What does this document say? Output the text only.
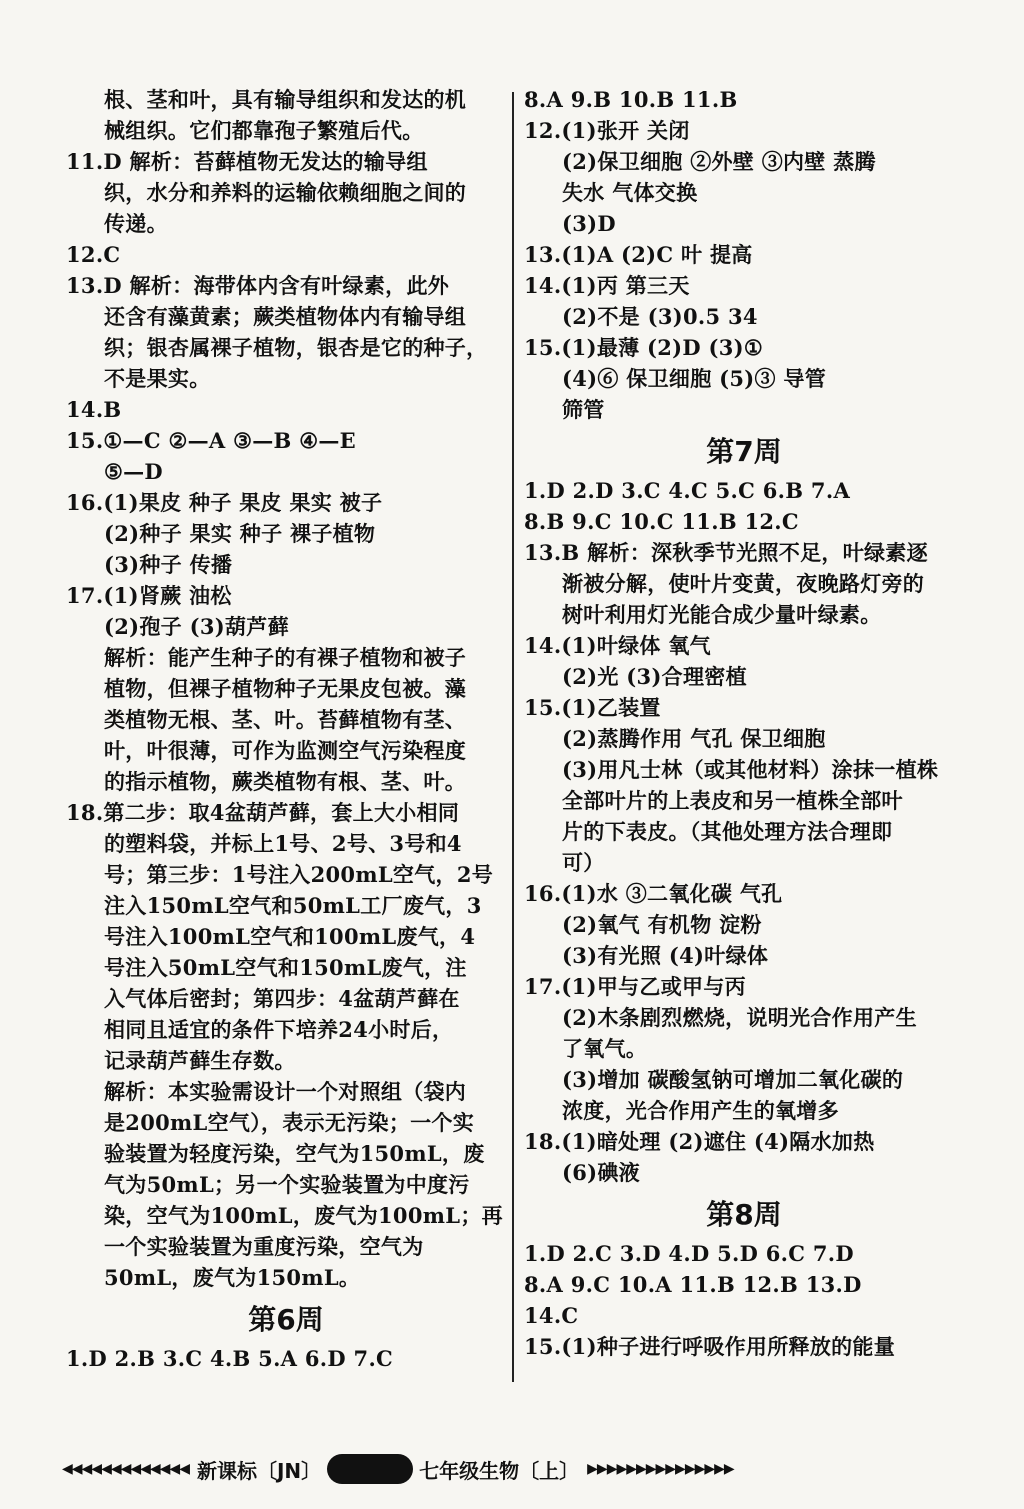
根、茎和叶，具有输导组织和发达的机
械组织。它们都靠孢子繁殖后代。
11.D 解析：苔藓植物无发达的输导组
织，水分和养料的运输依赖细胞之间的
传递。
12.C
13.D 解析：海带体内含有叶绿素，此外
还含有藻黄素；蕨类植物体内有输导组
织；银杏属裸子植物，银杏是它的种子，
不是果实。
14.B
15.①—C ②—A ③—B ④—E
⑤—D
16.(1)果皮 种子 果皮 果实 被子
(2)种子 果实 种子 裸子植物
(3)种子 传播
17.(1)肾蕨 油松
(2)孢子 (3)葫芦藓
解析：能产生种子的有裸子植物和被子
植物，但裸子植物种子无果皮包被。藻
类植物无根、茎、叶。苔藓植物有茎、
叶，叶很薄，可作为监测空气污染程度
的指示植物，蕨类植物有根、茎、叶。
18.第二步：取4盆葫芦藓，套上大小相同
的塑料袋，并标上1号、2号、3号和4
号；第三步：1号注入200mL空气，2号
注入150mL空气和50mL工厂废气，3
号注入100mL空气和100mL废气，4
号注入50mL空气和150mL废气，注
入气体后密封；第四步：4盆葫芦藓在
相同且适宜的条件下培养24小时后，
记录葫芦藓生存数。
解析：本实验需设计一个对照组（袋内
是200mL空气），表示无污染；一个实
验装置为轻度污染，空气为150mL，废
气为50mL；另一个实验装置为中度污
染，空气为100mL，废气为100mL；再
一个实验装置为重度污染，空气为
50mL，废气为150mL。
第6周
1.D 2.B 3.C 4.B 5.A 6.D 7.C
8.A 9.B 10.B 11.B
12.(1)张开 关闭
(2)保卫细胞 ②外壁 ③内壁 蒸腾
失水 气体交换
(3)D
13.(1)A (2)C 叶 提高
14.(1)丙 第三天
(2)不是 (3)0.5 34
15.(1)最薄 (2)D (3)①
(4)⑥ 保卫细胞 (5)③ 导管
筛管
第7周
1.D 2.D 3.C 4.C 5.C 6.B 7.A
8.B 9.C 10.C 11.B 12.C
13.B 解析：深秋季节光照不足，叶绿素逐
渐被分解，使叶片变黄，夜晚路灯旁的
树叶利用灯光能合成少量叶绿素。
14.(1)叶绿体 氧气
(2)光 (3)合理密植
15.(1)乙装置
(2)蒸腾作用 气孔 保卫细胞
(3)用凡士林（或其他材料）涂抹一植株
全部叶片的上表皮和另一植株全部叶
片的下表皮。（其他处理方法合理即
可）
16.(1)水 ③二氧化碳 气孔
(2)氧气 有机物 淀粉
(3)有光照 (4)叶绿体
17.(1)甲与乙或甲与丙
(2)木条剧烈燃烧，说明光合作用产生
了氧气。
(3)增加 碳酸氢钠可增加二氧化碳的
浓度，光合作用产生的氧增多
18.(1)暗处理 (2)遮住 (4)隔水加热
(6)碘液
第8周
1.D 2.C 3.D 4.D 5.D 6.C 7.D
8.A 9.C 10.A 11.B 12.B 13.D
14.C
15.(1)种子进行呼吸作用所释放的能量
◀◀◀◀◀◀◀◀◀◀◀◀◀ 新课标〔JN〕	七年级生物〔上〕 ▶▶▶▶▶▶▶▶▶▶▶▶▶▶▶
